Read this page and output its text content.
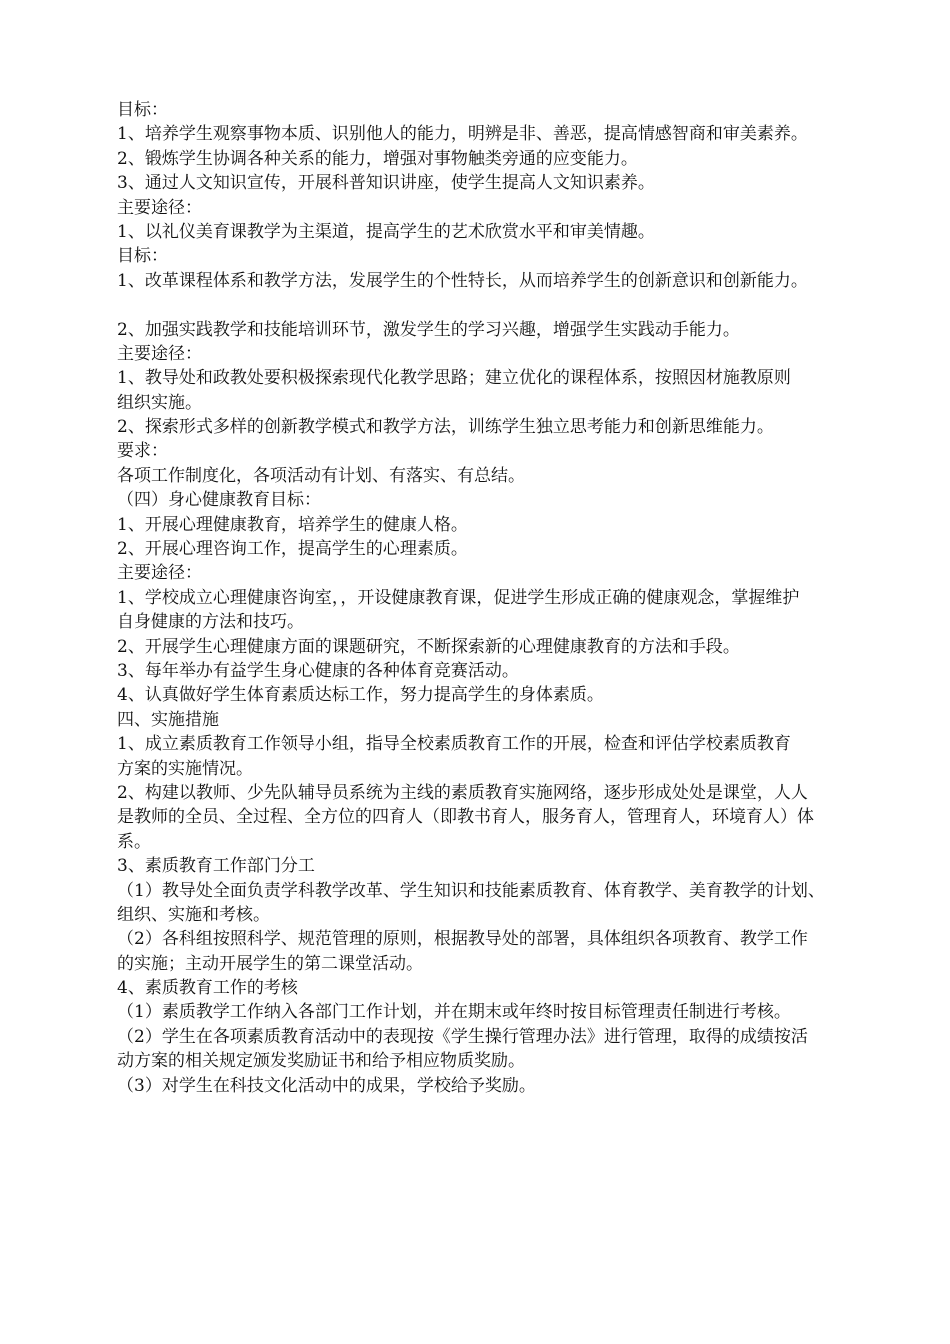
目标：
1、培养学生观察事物本质、识别他人的能力，明辨是非、善恶，提高情感智商和审美素养。
2、锻炼学生协调各种关系的能力，增强对事物触类旁通的应变能力。
3、通过人文知识宣传，开展科普知识讲座，使学生提高人文知识素养。
主要途径：
1、以礼仪美育课教学为主渠道，提高学生的艺术欣赏水平和审美情趣。
目标：
1、改革课程体系和教学方法，发展学生的个性特长，从而培养学生的创新意识和创新能力。
2、加强实践教学和技能培训环节，激发学生的学习兴趣，增强学生实践动手能力。
主要途径：
1、教导处和政教处要积极探索现代化教学思路；建立优化的课程体系，按照因材施教原则
组织实施。
2、探索形式多样的创新教学模式和教学方法，训练学生独立思考能力和创新思维能力。
要求：
各项工作制度化，各项活动有计划、有落实、有总结。
（四）身心健康教育目标：
1、开展心理健康教育，培养学生的健康人格。
2、开展心理咨询工作，提高学生的心理素质。
主要途径：
1、学校成立心理健康咨询室，，开设健康教育课，促进学生形成正确的健康观念，掌握维护
自身健康的方法和技巧。
2、开展学生心理健康方面的课题研究，不断探索新的心理健康教育的方法和手段。
3、每年举办有益学生身心健康的各种体育竞赛活动。
4、认真做好学生体育素质达标工作，努力提高学生的身体素质。
四、实施措施
1、成立素质教育工作领导小组，指导全校素质教育工作的开展，检查和评估学校素质教育
方案的实施情况。
2、构建以教师、少先队辅导员系统为主线的素质教育实施网络，逐步形成处处是课堂，人人
是教师的全员、全过程、全方位的四育人（即教书育人，服务育人，管理育人，环境育人）体
系。
3、素质教育工作部门分工
（1）教导处全面负责学科教学改革、学生知识和技能素质教育、体育教学、美育教学的计划、
组织、实施和考核。
（2）各科组按照科学、规范管理的原则，根据教导处的部署，具体组织各项教育、教学工作
的实施；主动开展学生的第二课堂活动。
4、素质教育工作的考核
（1）素质教学工作纳入各部门工作计划，并在期末或年终时按目标管理责任制进行考核。
（2）学生在各项素质教育活动中的表现按《学生操行管理办法》进行管理，取得的成绩按活
动方案的相关规定颁发奖励证书和给予相应物质奖励。
（3）对学生在科技文化活动中的成果，学校给予奖励。
